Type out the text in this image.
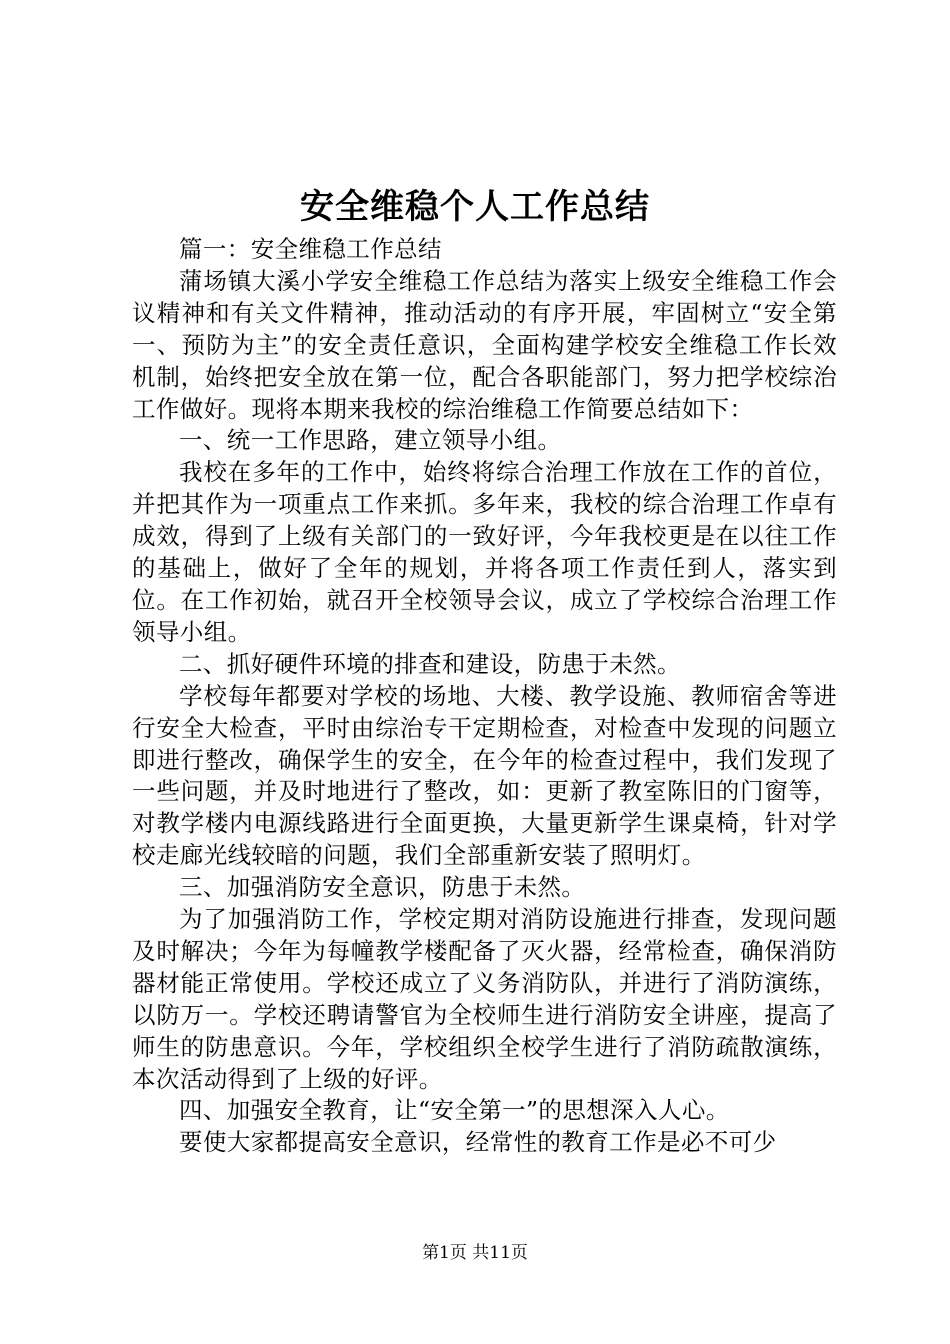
安全维稳个人工作总结

篇一：安全维稳工作总结

蒲场镇大溪小学安全维稳工作总结为落实上级安全维稳工作会议精神和有关文件精神，推动活动的有序开展，牢固树立“安全第一、预防为主”的安全责任意识，全面构建学校安全维稳工作长效机制，始终把安全放在第一位，配合各职能部门，努力把学校综治工作做好。现将本期来我校的综治维稳工作简要总结如下：

一、统一工作思路，建立领导小组。

我校在多年的工作中，始终将综合治理工作放在工作的首位，并把其作为一项重点工作来抓。多年来，我校的综合治理工作卓有成效，得到了上级有关部门的一致好评，今年我校更是在以往工作的基础上，做好了全年的规划，并将各项工作责任到人，落实到位。在工作初始，就召开全校领导会议，成立了学校综合治理工作领导小组。

二、抓好硬件环境的排查和建设，防患于未然。

学校每年都要对学校的场地、大楼、教学设施、教师宿舍等进行安全大检查，平时由综治专干定期检查，对检查中发现的问题立即进行整改，确保学生的安全，在今年的检查过程中，我们发现了一些问题，并及时地进行了整改，如：更新了教室陈旧的门窗等，对教学楼内电源线路进行全面更换，大量更新学生课桌椅，针对学校走廊光线较暗的问题，我们全部重新安装了照明灯。

三、加强消防安全意识，防患于未然。

为了加强消防工作，学校定期对消防设施进行排查，发现问题及时解决；今年为每幢教学楼配备了灭火器，经常检查，确保消防器材能正常使用。学校还成立了义务消防队，并进行了消防演练，以防万一。学校还聘请警官为全校师生进行消防安全讲座，提高了师生的防患意识。今年，学校组织全校学生进行了消防疏散演练，本次活动得到了上级的好评。

四、加强安全教育，让“安全第一”的思想深入人心。

要使大家都提高安全意识，经常性的教育工作是必不可少

第1页 共11页
